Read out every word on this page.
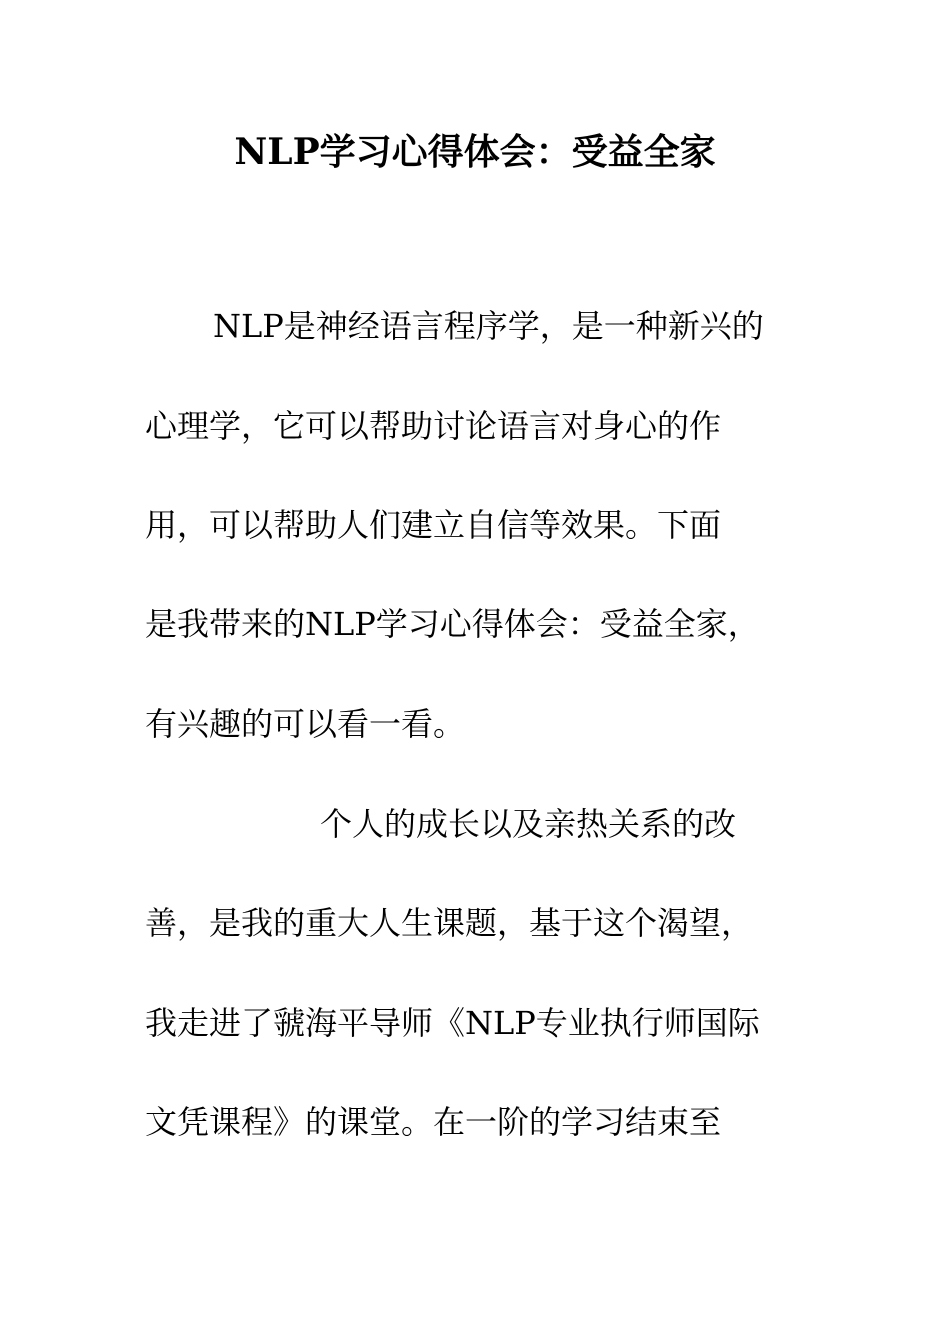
NLP学习心得体会：受益全家
NLP是神经语言程序学，是一种新兴的
心理学，它可以帮助讨论语言对身心的作
用，可以帮助人们建立自信等效果。下面
是我带来的NLP学习心得体会：受益全家，
有兴趣的可以看一看。
个人的成长以及亲热关系的改
善，是我的重大人生课题，基于这个渴望，
我走进了虢海平导师《NLP专业执行师国际
文凭课程》的课堂。在一阶的学习结束至
